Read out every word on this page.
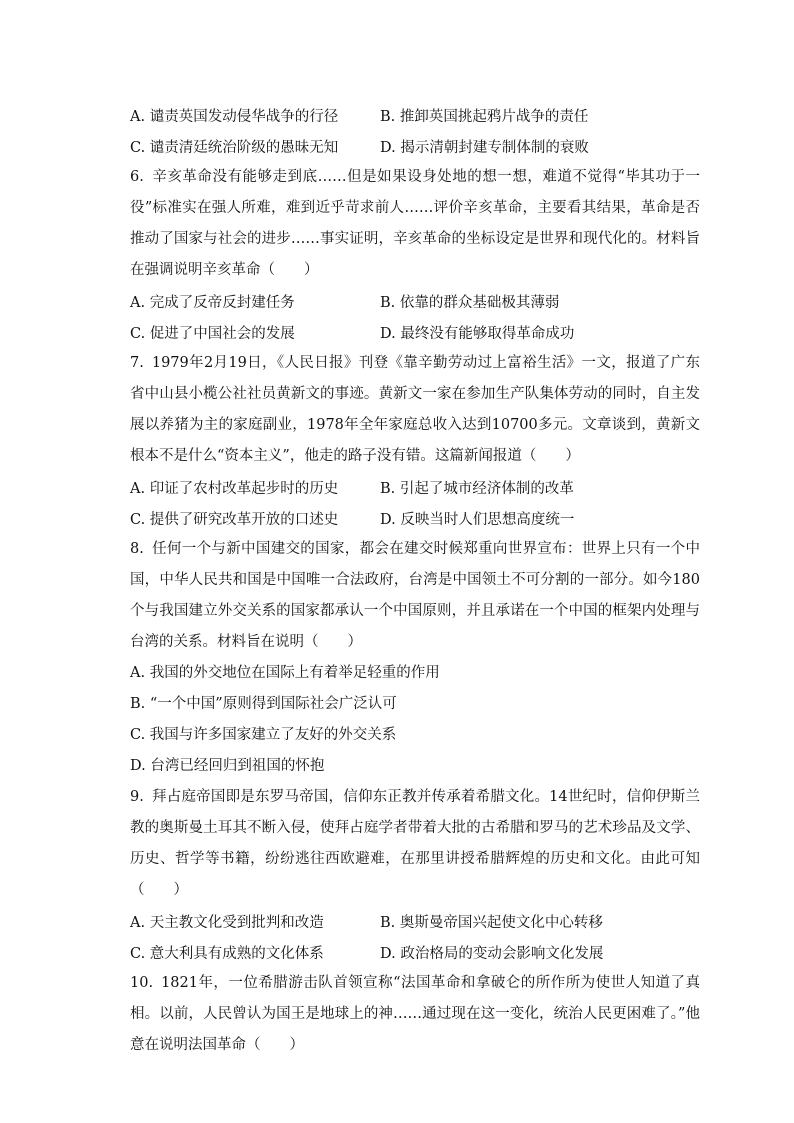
A. 谴责英国发动侵华战争的行径	B. 推卸英国挑起鸦片战争的责任
C. 谴责清廷统治阶级的愚昧无知	D. 揭示清朝封建专制体制的衰败
6. 辛亥革命没有能够走到底……但是如果设身处地的想一想，难道不觉得“毕其功于一役”标准实在强人所难，难到近乎苛求前人……评价辛亥革命，主要看其结果，革命是否推动了国家与社会的进步……事实证明，辛亥革命的坐标设定是世界和现代化的。材料旨在强调说明辛亥革命（　　）
A. 完成了反帝反封建任务	B. 依靠的群众基础极其薄弱
C. 促进了中国社会的发展	D. 最终没有能够取得革命成功
7. 1979年2月19日，《人民日报》刊登《靠辛勤劳动过上富裕生活》一文，报道了广东省中山县小榄公社社员黄新文的事迹。黄新文一家在参加生产队集体劳动的同时，自主发展以养猪为主的家庭副业，1978年全年家庭总收入达到10700多元。文章谈到，黄新文根本不是什么“资本主义”，他走的路子没有错。这篇新闻报道（　　）
A. 印证了农村改革起步时的历史	B. 引起了城市经济体制的改革
C. 提供了研究改革开放的口述史	D. 反映当时人们思想高度统一
8. 任何一个与新中国建交的国家，都会在建交时候郑重向世界宣布：世界上只有一个中国，中华人民共和国是中国唯一合法政府，台湾是中国领土不可分割的一部分。如今180个与我国建立外交关系的国家都承认一个中国原则，并且承诺在一个中国的框架内处理与台湾的关系。材料旨在说明（　　）
A. 我国的外交地位在国际上有着举足轻重的作用
B. “一个中国”原则得到国际社会广泛认可
C. 我国与许多国家建立了友好的外交关系
D. 台湾已经回归到祖国的怀抱
9. 拜占庭帝国即是东罗马帝国，信仰东正教并传承着希腊文化。14世纪时，信仰伊斯兰教的奥斯曼土耳其不断入侵，使拜占庭学者带着大批的古希腊和罗马的艺术珍品及文学、历史、哲学等书籍，纷纷逃往西欧避难，在那里讲授希腊辉煌的历史和文化。由此可知（　　）
A. 天主教文化受到批判和改造	B. 奥斯曼帝国兴起使文化中心转移
C. 意大利具有成熟的文化体系	D. 政治格局的变动会影响文化发展
10. 1821年，一位希腊游击队首领宣称“法国革命和拿破仑的所作所为使世人知道了真相。以前，人民曾认为国王是地球上的神……通过现在这一变化，统治人民更困难了。”他意在说明法国革命（　　）
